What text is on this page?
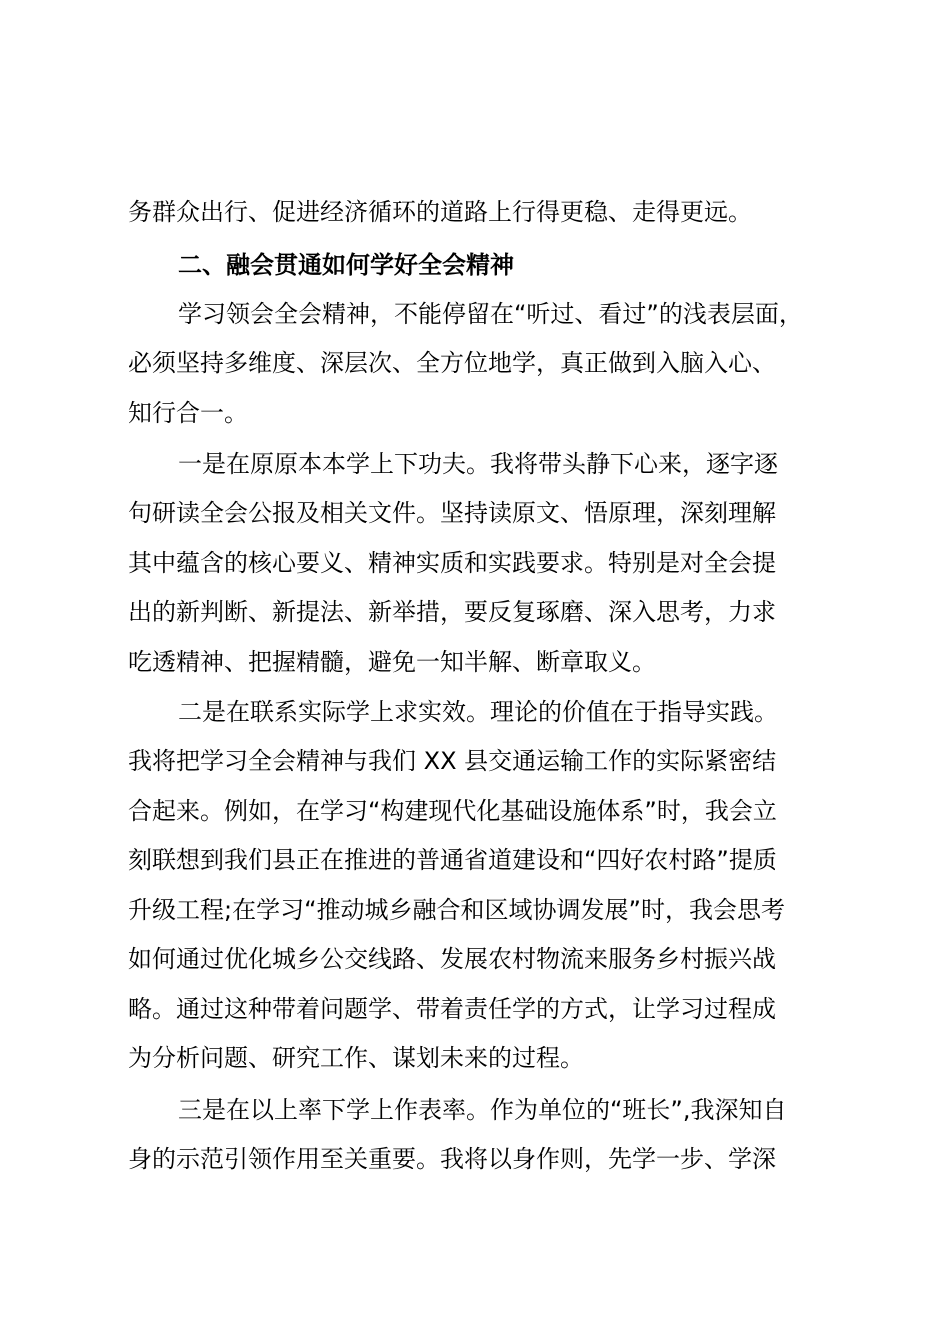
务群众出行、促进经济循环的道路上行得更稳、走得更远。
二、融会贯通如何学好全会精神
学习领会全会精神，不能停留在“听过、看过”的浅表层面，
必须坚持多维度、深层次、全方位地学，真正做到入脑入心、
知行合一。
一是在原原本本学上下功夫。我将带头静下心来，逐字逐
句研读全会公报及相关文件。坚持读原文、悟原理，深刻理解
其中蕴含的核心要义、精神实质和实践要求。特别是对全会提
出的新判断、新提法、新举措，要反复琢磨、深入思考，力求
吃透精神、把握精髓，避免一知半解、断章取义。
二是在联系实际学上求实效。理论的价值在于指导实践。
我将把学习全会精神与我们 XX 县交通运输工作的实际紧密结
合起来。例如，在学习“构建现代化基础设施体系”时，我会立
刻联想到我们县正在推进的普通省道建设和“四好农村路”提质
升级工程;在学习“推动城乡融合和区域协调发展”时，我会思考
如何通过优化城乡公交线路、发展农村物流来服务乡村振兴战
略。通过这种带着问题学、带着责任学的方式，让学习过程成
为分析问题、研究工作、谋划未来的过程。
三是在以上率下学上作表率。作为单位的“班长”,我深知自
身的示范引领作用至关重要。我将以身作则，先学一步、学深
